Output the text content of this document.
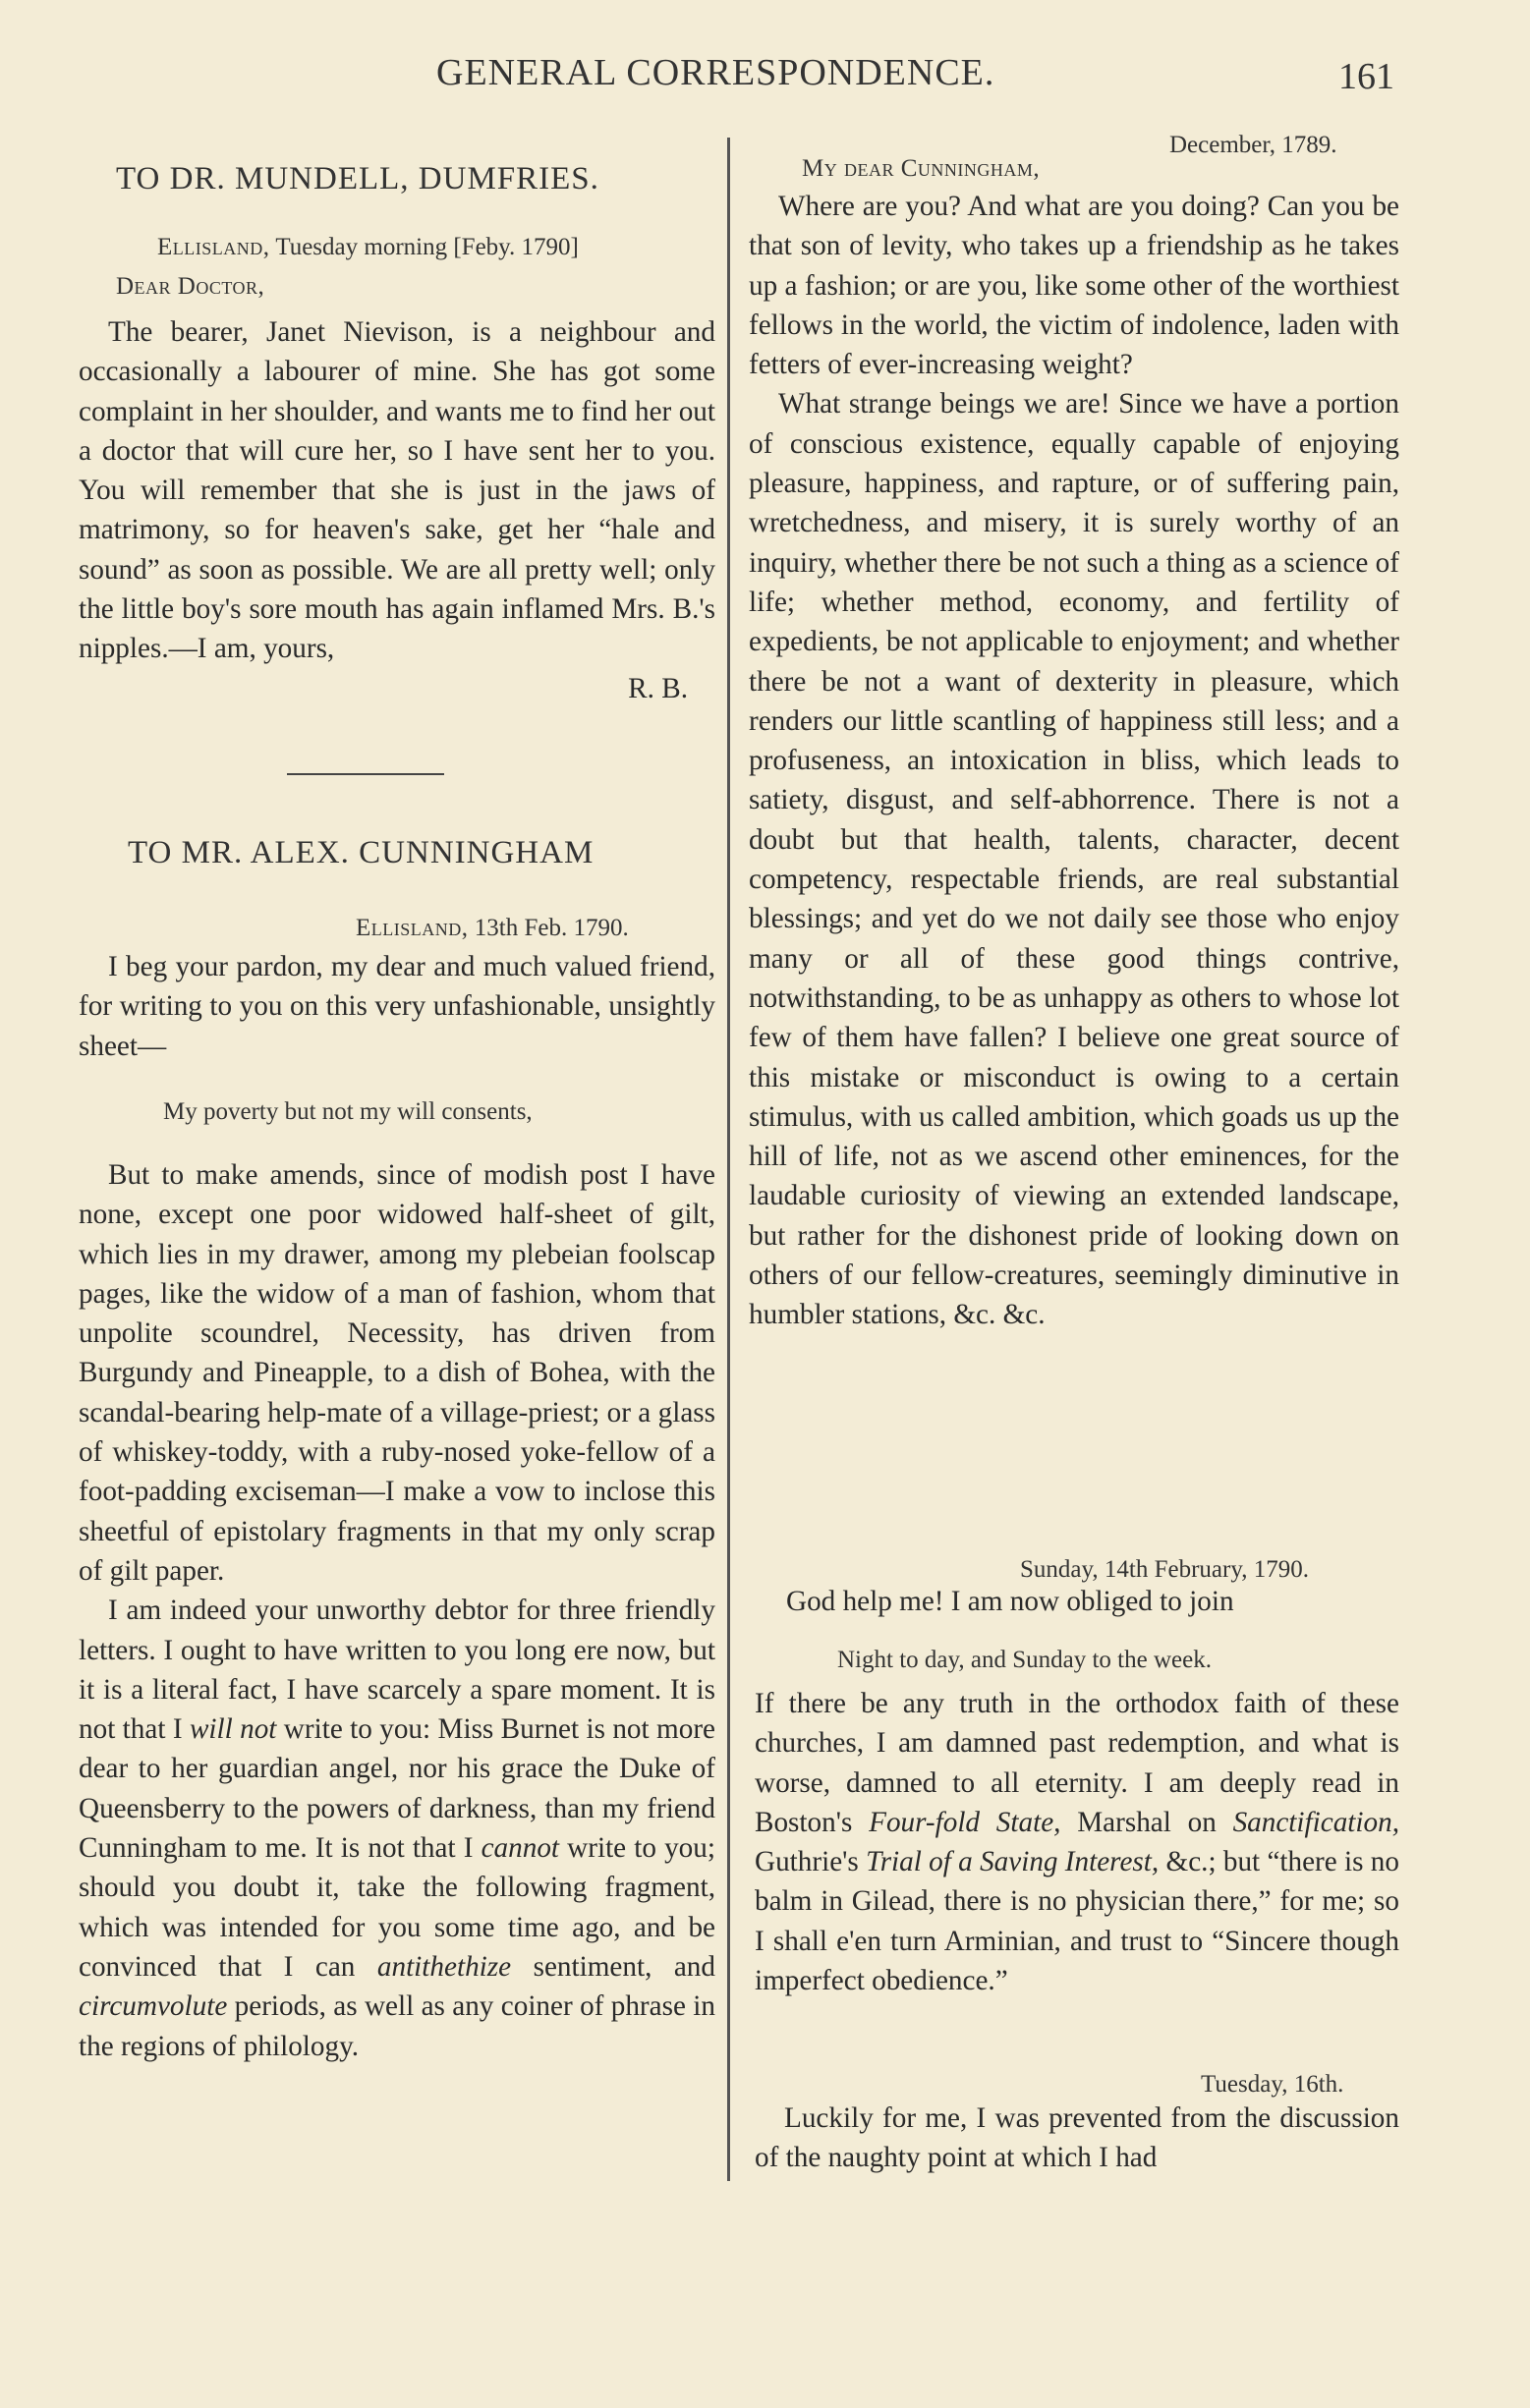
GENERAL CORRESPONDENCE.	161
TO DR. MUNDELL, DUMFRIES.
Ellisland, Tuesday morning [Feby. 1790]
Dear Doctor,

The bearer, Janet Nievison, is a neighbour and occasionally a labourer of mine. She has got some complaint in her shoulder, and wants me to find her out a doctor that will cure her, so I have sent her to you. You will remember that she is just in the jaws of matrimony, so for heaven's sake, get her “hale and sound” as soon as possible. We are all pretty well; only the little boy's sore mouth has again inflamed Mrs. B.'s nipples.—I am, yours,

R. B.

TO MR. ALEX. CUNNINGHAM
Ellisland, 13th Feb. 1790.

I beg your pardon, my dear and much valued friend, for writing to you on this very unfashionable, unsightly sheet—

My poverty but not my will consents,

But to make amends, since of modish post I have none, except one poor widowed half-sheet of gilt, which lies in my drawer, among my plebeian foolscap pages, like the widow of a man of fashion, whom that unpolite scoundrel, Necessity, has driven from Burgundy and Pineapple, to a dish of Bohea, with the scandal-bearing help-mate of a village-priest; or a glass of whiskey-toddy, with a ruby-nosed yoke-fellow of a foot-padding exciseman—I make a vow to inclose this sheetful of epistolary fragments in that my only scrap of gilt paper.

I am indeed your unworthy debtor for three friendly letters. I ought to have written to you long ere now, but it is a literal fact, I have scarcely a spare moment. It is not that I will not write to you: Miss Burnet is not more dear to her guardian angel, nor his grace the Duke of Queensberry to the powers of darkness, than my friend Cunningham to me. It is not that I cannot write to you; should you doubt it, take the following fragment, which was intended for you some time ago, and be convinced that I can antithethize sentiment, and circumvolute periods, as well as any coiner of phrase in the regions of philology.

December, 1789.
My dear Cunningham,

Where are you? And what are you doing? Can you be that son of levity, who takes up a friendship as he takes up a fashion; or are you, like some other of the worthiest fellows in the world, the victim of indolence, laden with fetters of ever-increasing weight?

What strange beings we are! Since we have a portion of conscious existence, equally capable of enjoying pleasure, happiness, and rapture, or of suffering pain, wretchedness, and misery, it is surely worthy of an inquiry, whether there be not such a thing as a science of life; whether method, economy, and fertility of expedients, be not applicable to enjoyment; and whether there be not a want of dexterity in pleasure, which renders our little scantling of happiness still less; and a profuseness, an intoxication in bliss, which leads to satiety, disgust, and self-abhorrence. There is not a doubt but that health, talents, character, decent competency, respectable friends, are real substantial blessings; and yet do we not daily see those who enjoy many or all of these good things contrive, notwithstanding, to be as unhappy as others to whose lot few of them have fallen? I believe one great source of this mistake or misconduct is owing to a certain stimulus, with us called ambition, which goads us up the hill of life, not as we ascend other eminences, for the laudable curiosity of viewing an extended landscape, but rather for the dishonest pride of looking down on others of our fellow-creatures, seemingly diminutive in humbler stations, &c. &c.

Sunday, 14th February, 1790.

God help me! I am now obliged to join

Night to day, and Sunday to the week.

If there be any truth in the orthodox faith of these churches, I am damned past redemption, and what is worse, damned to all eternity. I am deeply read in Boston's Four-fold State, Marshal on Sanctification, Guthrie's Trial of a Saving Interest, &c.; but “there is no balm in Gilead, there is no physician there,” for me; so I shall e'en turn Arminian, and trust to “Sincere though imperfect obedience.”

Tuesday, 16th.

Luckily for me, I was prevented from the discussion of the naughty point at which I had
